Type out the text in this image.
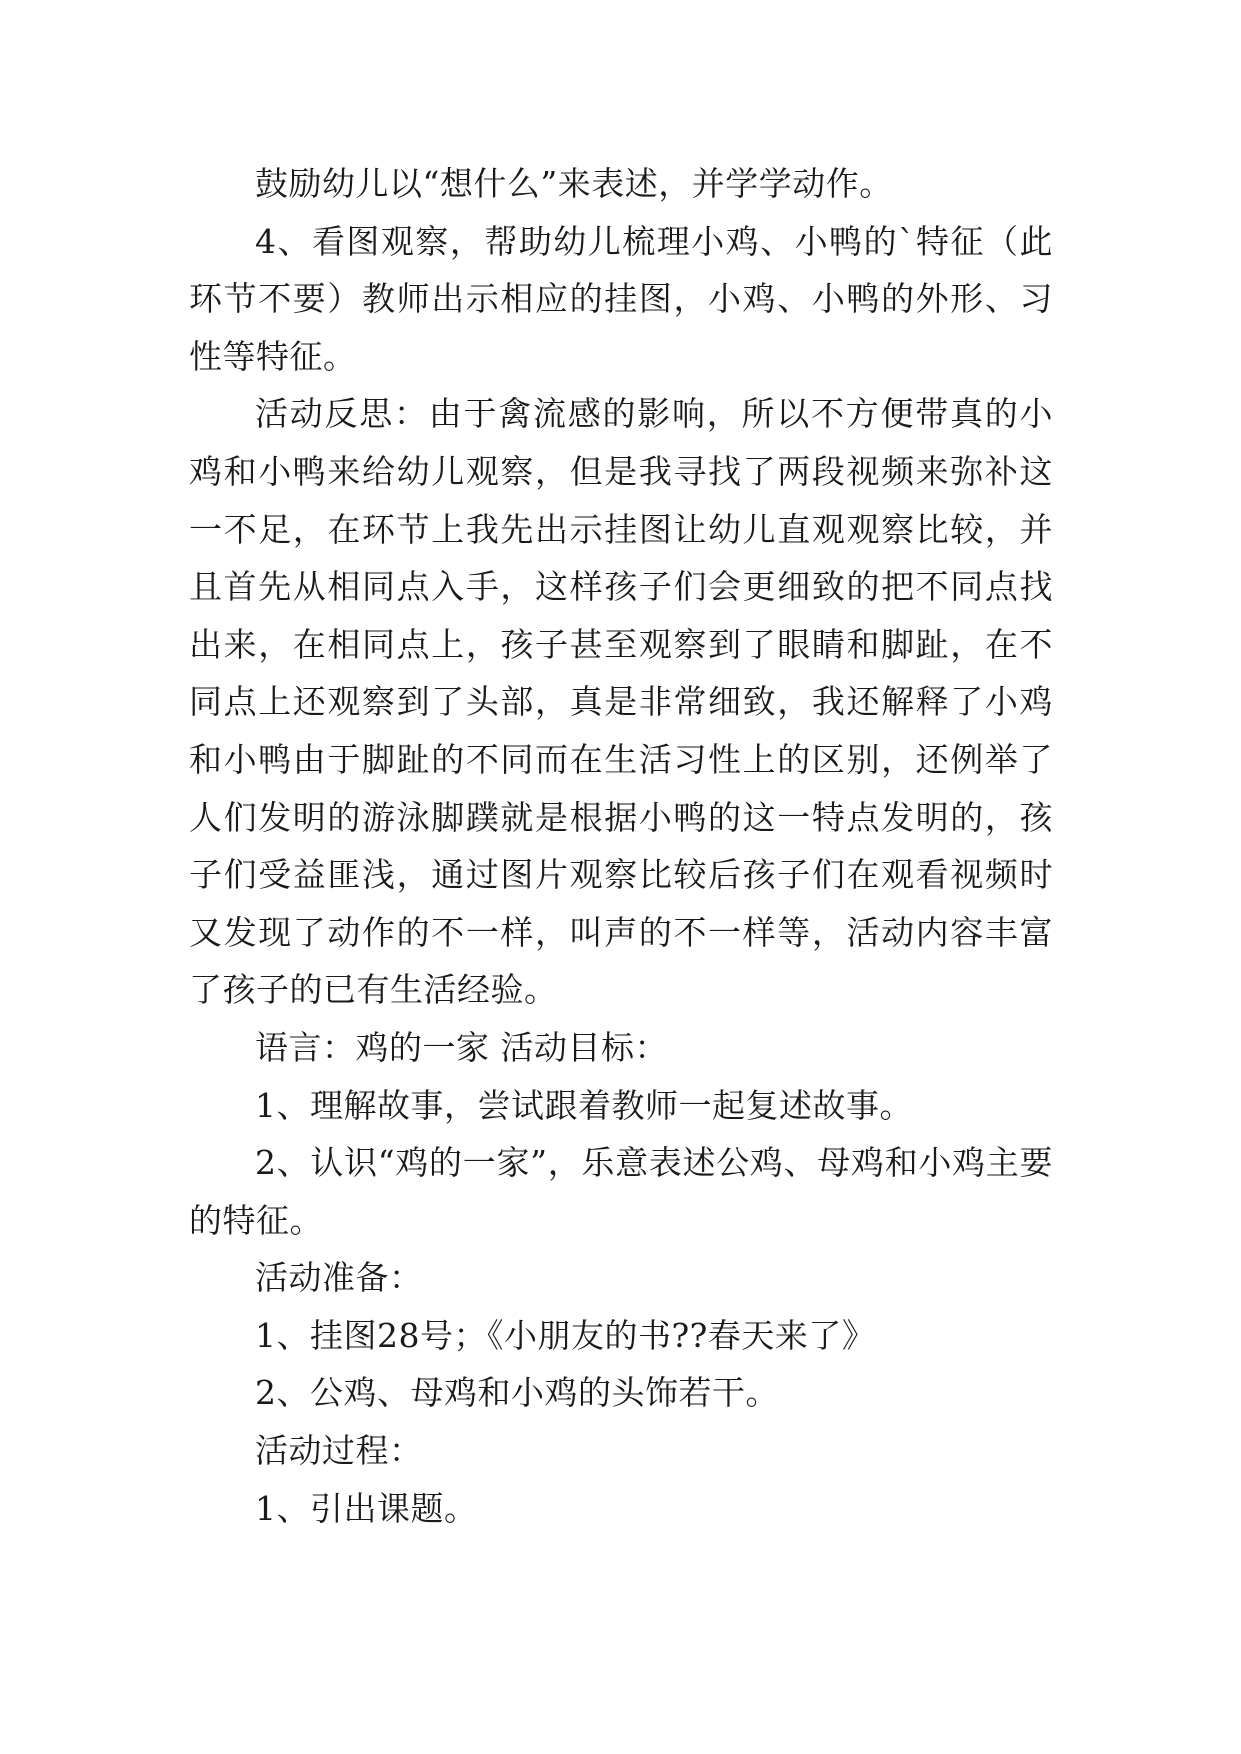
鼓励幼儿以“想什么”来表述，并学学动作。

4、看图观察，帮助幼儿梳理小鸡、小鸭的`特征（此环节不要）教师出示相应的挂图，小鸡、小鸭的外形、习性等特征。

活动反思：由于禽流感的影响，所以不方便带真的小鸡和小鸭来给幼儿观察，但是我寻找了两段视频来弥补这一不足，在环节上我先出示挂图让幼儿直观观察比较，并且首先从相同点入手，这样孩子们会更细致的把不同点找出来，在相同点上，孩子甚至观察到了眼睛和脚趾，在不同点上还观察到了头部，真是非常细致，我还解释了小鸡和小鸭由于脚趾的不同而在生活习性上的区别，还例举了人们发明的游泳脚蹼就是根据小鸭的这一特点发明的，孩子们受益匪浅，通过图片观察比较后孩子们在观看视频时又发现了动作的不一样，叫声的不一样等，活动内容丰富了孩子的已有生活经验。

语言：鸡的一家 活动目标：

1、理解故事，尝试跟着教师一起复述故事。

2、认识“鸡的一家”，乐意表述公鸡、母鸡和小鸡主要的特征。

活动准备：

1、挂图28号；《小朋友的书??春天来了》

2、公鸡、母鸡和小鸡的头饰若干。

活动过程：

1、引出课题。
